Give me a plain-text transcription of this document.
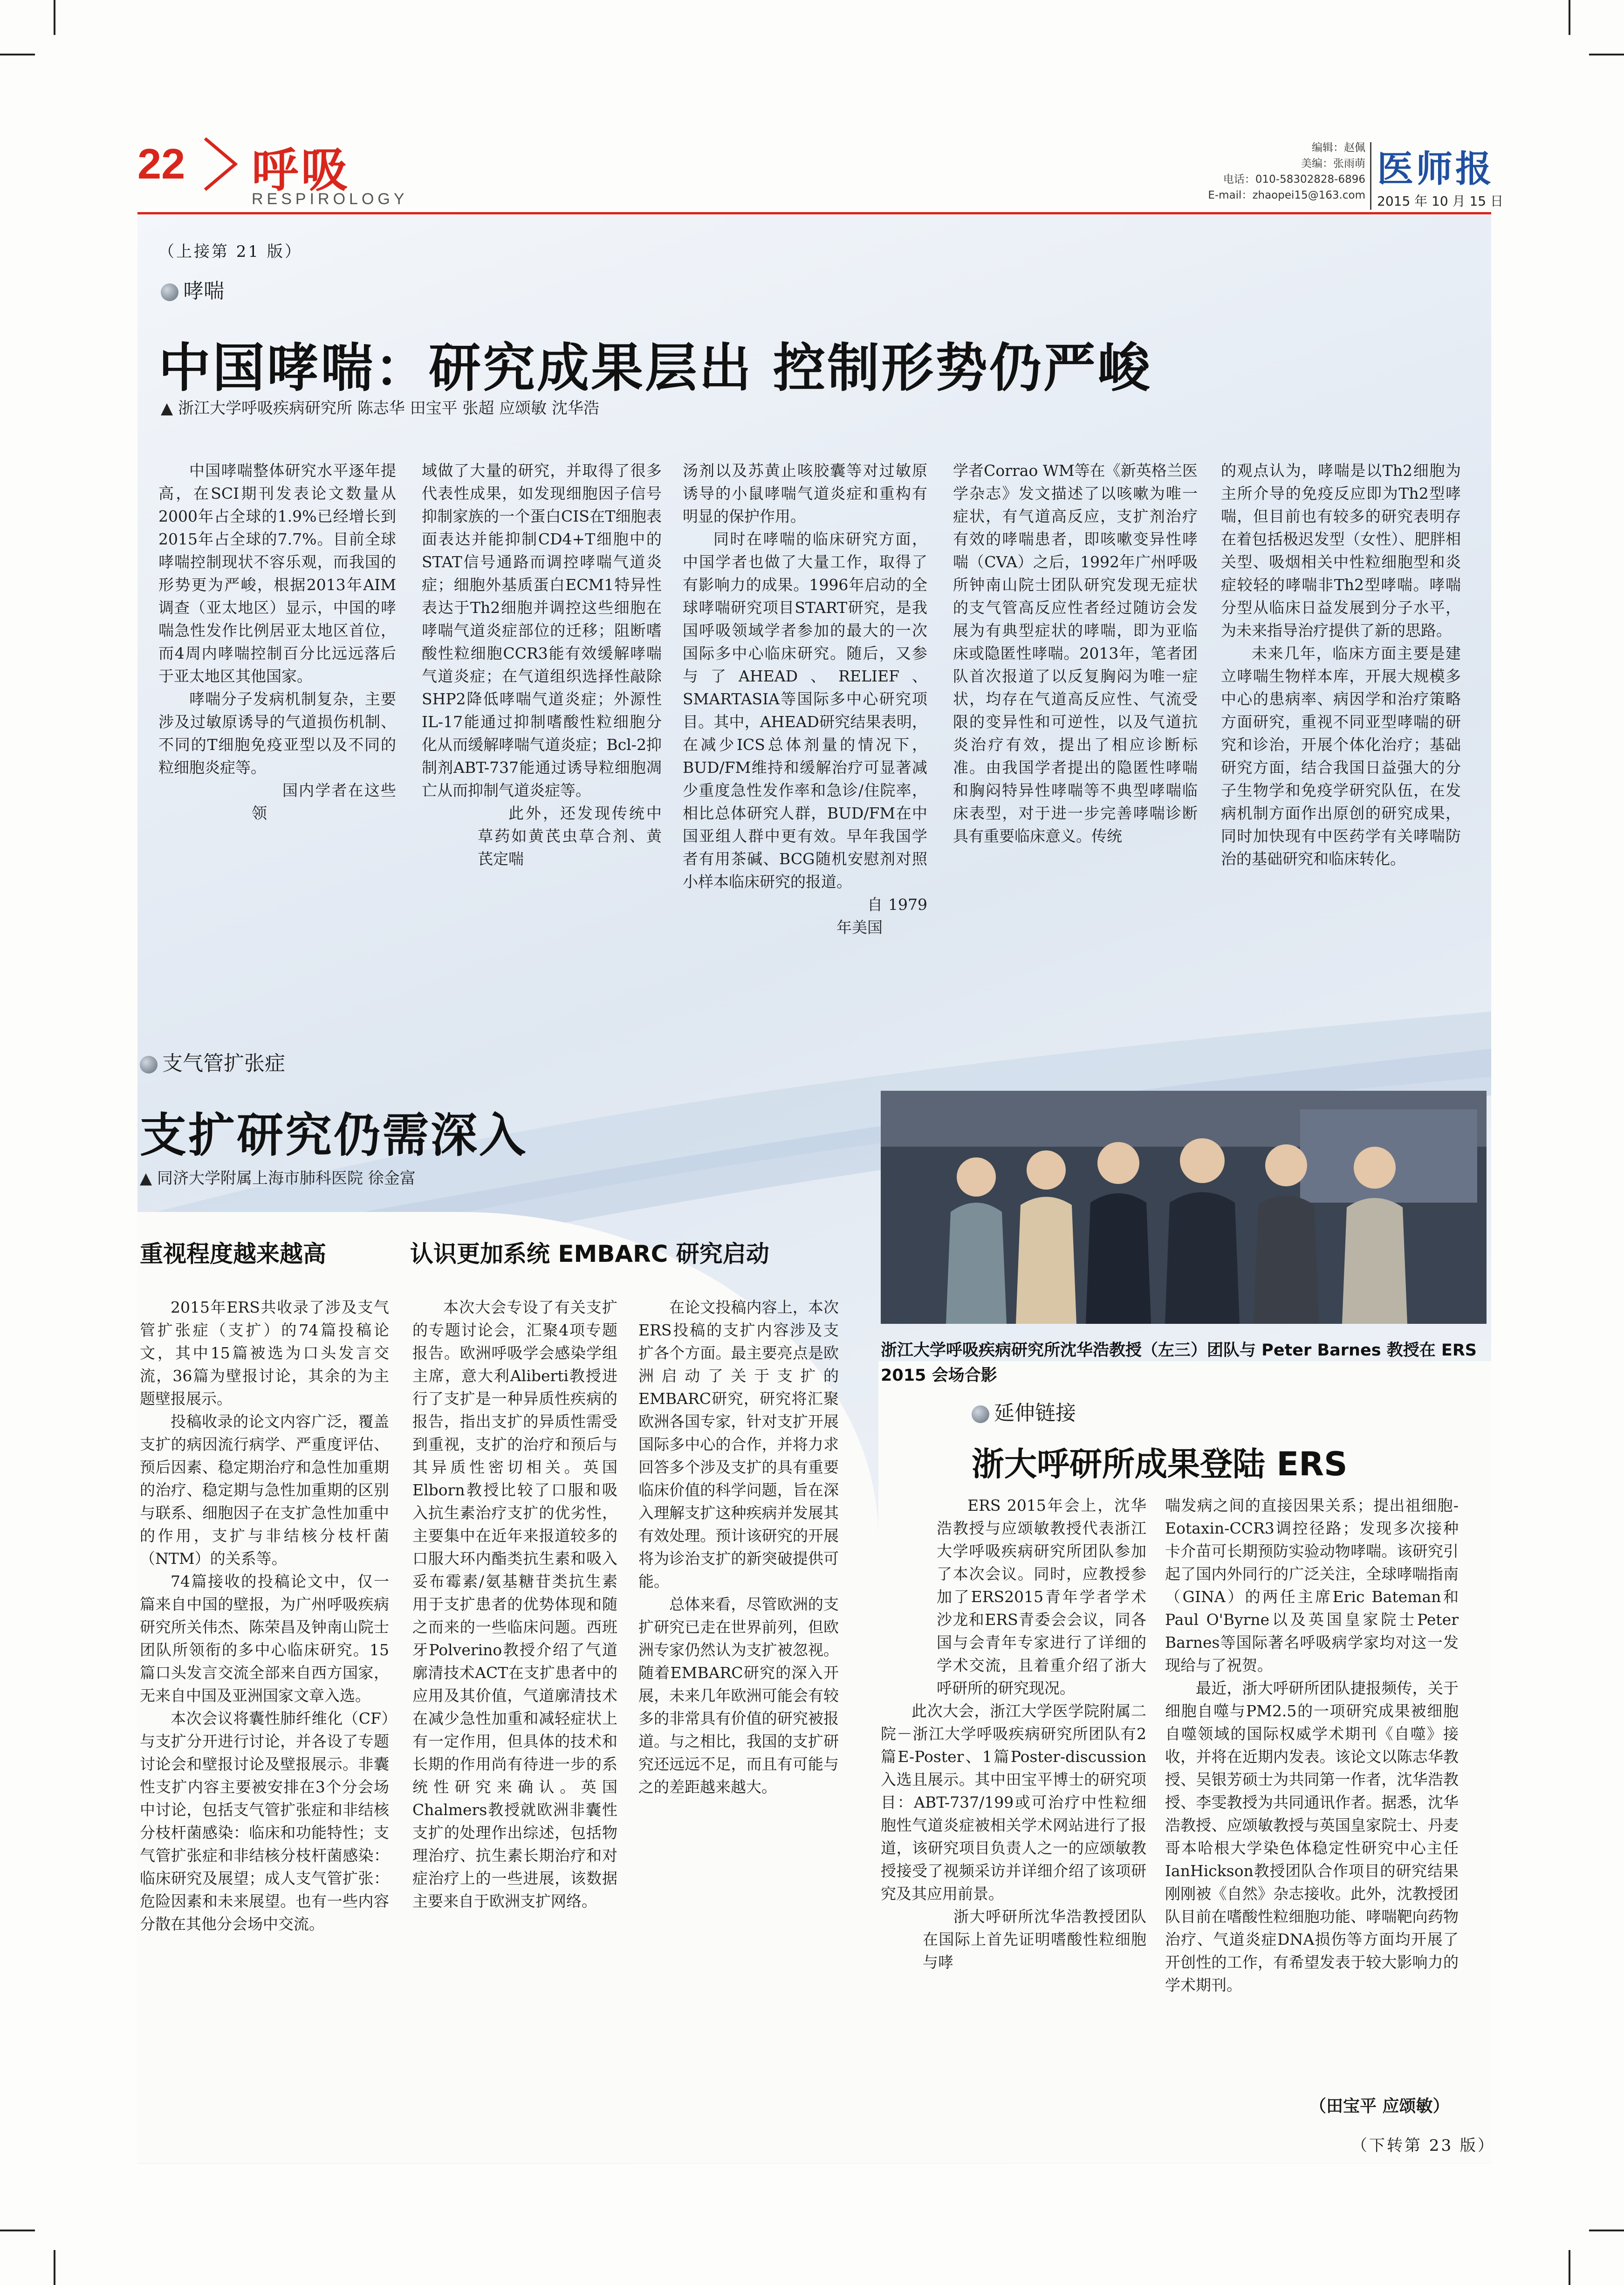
22 呼吸
RESPIROLOGY
编辑：赵佩
美编：张雨萌
电话：010-58302828-6896
E-mail：zhaopei15@163.com
医师报
2015 年 10 月 15 日
（上接第 21 版）
哮喘
中国哮喘：研究成果层出 控制形势仍严峻
▲ 浙江大学呼吸疾病研究所 陈志华 田宝平 张超 应颂敏 沈华浩

中国哮喘整体研究水平逐年提高，在SCI期刊发表论文数量从2000年占全球的1.9%已经增长到2015年占全球的7.7%。目前全球哮喘控制现状不容乐观，而我国的形势更为严峻，根据2013年AIM调查（亚太地区）显示，中国的哮喘急性发作比例居亚太地区首位，而4周内哮喘控制百分比远远落后于亚太地区其他国家。

哮喘分子发病机制复杂，主要涉及过敏原诱导的气道损伤机制、不同的T细胞免疫亚型以及不同的粒细胞炎症等。

国内学者在这些领

域做了大量的研究，并取得了很多代表性成果，如发现细胞因子信号抑制家族的一个蛋白CIS在T细胞表面表达并能抑制CD4+T细胞中的STAT信号通路而调控哮喘气道炎症；细胞外基质蛋白ECM1特异性表达于Th2细胞并调控这些细胞在哮喘气道炎症部位的迁移；阻断嗜酸性粒细胞CCR3能有效缓解哮喘气道炎症；在气道组织选择性敲除SHP2降低哮喘气道炎症；外源性IL-17能通过抑制嗜酸性粒细胞分化从而缓解哮喘气道炎症；Bcl-2抑制剂ABT-737能通过诱导粒细胞凋亡从而抑制气道炎症等。

此外，还发现传统中草药如黄芪虫草合剂、黄芪定喘

汤剂以及苏黄止咳胶囊等对过敏原诱导的小鼠哮喘气道炎症和重构有明显的保护作用。

同时在哮喘的临床研究方面，中国学者也做了大量工作，取得了有影响力的成果。1996年启动的全球哮喘研究项目START研究，是我国呼吸领域学者参加的最大的一次国际多中心临床研究。随后，又参与了AHEAD、RELIEF、SMARTASIA等国际多中心研究项目。其中，AHEAD研究结果表明，在减少ICS总体剂量的情况下，BUD/FM维持和缓解治疗可显著减少重度急性发作率和急诊/住院率，相比总体研究人群，BUD/FM在中国亚组人群中更有效。早年我国学者有用茶碱、BCG随机安慰剂对照小样本临床研究的报道。

自1979年美国

学者Corrao WM等在《新英格兰医学杂志》发文描述了以咳嗽为唯一症状，有气道高反应，支扩剂治疗有效的哮喘患者，即咳嗽变异性哮喘（CVA）之后，1992年广州呼吸所钟南山院士团队研究发现无症状的支气管高反应性者经过随访会发展为有典型症状的哮喘，即为亚临床或隐匿性哮喘。2013年，笔者团队首次报道了以反复胸闷为唯一症状，均存在气道高反应性、气流受限的变异性和可逆性，以及气道抗炎治疗有效，提出了相应诊断标准。由我国学者提出的隐匿性哮喘和胸闷特异性哮喘等不典型哮喘临床表型，对于进一步完善哮喘诊断具有重要临床意义。传统

的观点认为，哮喘是以Th2细胞为主所介导的免疫反应即为Th2型哮喘，但目前也有较多的研究表明存在着包括极迟发型（女性）、肥胖相关型、吸烟相关中性粒细胞型和炎症较轻的哮喘非Th2型哮喘。哮喘分型从临床日益发展到分子水平，为未来指导治疗提供了新的思路。

未来几年，临床方面主要是建立哮喘生物样本库，开展大规模多中心的患病率、病因学和治疗策略方面研究，重视不同亚型哮喘的研究和诊治，开展个体化治疗；基础研究方面，结合我国日益强大的分子生物学和免疫学研究队伍，在发病机制方面作出原创的研究成果，同时加快现有中医药学有关哮喘防治的基础研究和临床转化。

支气管扩张症
支扩研究仍需深入
▲ 同济大学附属上海市肺科医院 徐金富
重视程度越来越高	认识更加系统 EMBARC 研究启动

2015年ERS共收录了涉及支气管扩张症（支扩）的74篇投稿论文，其中15篇被选为口头发言交流，36篇为壁报讨论，其余的为主题壁报展示。

投稿收录的论文内容广泛，覆盖支扩的病因流行病学、严重度评估、预后因素、稳定期治疗和急性加重期的治疗、稳定期与急性加重期的区别与联系、细胞因子在支扩急性加重中的作用，支扩与非结核分枝杆菌（NTM）的关系等。

74篇接收的投稿论文中，仅一篇来自中国的壁报，为广州呼吸疾病研究所关伟杰、陈荣昌及钟南山院士团队所领衔的多中心临床研究。15篇口头发言交流全部来自西方国家，无来自中国及亚洲国家文章入选。

本次会议将囊性肺纤维化（CF）与支扩分开进行讨论，并各设了专题讨论会和壁报讨论及壁报展示。非囊性支扩内容主要被安排在3个分会场中讨论，包括支气管扩张症和非结核分枝杆菌感染：临床和功能特性；支气管扩张症和非结核分枝杆菌感染：临床研究及展望；成人支气管扩张：危险因素和未来展望。也有一些内容分散在其他分会场中交流。

本次大会专设了有关支扩的专题讨论会，汇聚4项专题报告。欧洲呼吸学会感染学组主席，意大利Aliberti教授进行了支扩是一种异质性疾病的报告，指出支扩的异质性需受到重视，支扩的治疗和预后与其异质性密切相关。英国Elborn教授比较了口服和吸入抗生素治疗支扩的优劣性，主要集中在近年来报道较多的口服大环内酯类抗生素和吸入妥布霉素/氨基糖苷类抗生素用于支扩患者的优势体现和随之而来的一些临床问题。西班牙Polverino教授介绍了气道廓清技术ACT在支扩患者中的应用及其价值，气道廓清技术在减少急性加重和减轻症状上有一定作用，但具体的技术和长期的作用尚有待进一步的系统性研究来确认。英国Chalmers教授就欧洲非囊性支扩的处理作出综述，包括物理治疗、抗生素长期治疗和对症治疗上的一些进展，该数据主要来自于欧洲支扩网络。

在论文投稿内容上，本次ERS投稿的支扩内容涉及支扩各个方面。最主要亮点是欧洲启动了关于支扩的EMBARC研究，研究将汇聚欧洲各国专家，针对支扩开展国际多中心的合作，并将力求回答多个涉及支扩的具有重要临床价值的科学问题，旨在深入理解支扩这种疾病并发展其有效处理。预计该研究的开展将为诊治支扩的新突破提供可能。

总体来看，尽管欧洲的支扩研究已走在世界前列，但欧洲专家仍然认为支扩被忽视。随着EMBARC研究的深入开展，未来几年欧洲可能会有较多的非常具有价值的研究被报道。与之相比，我国的支扩研究还远远不足，而且有可能与之的差距越来越大。

浙江大学呼吸疾病研究所沈华浩教授（左三）团队与 Peter Barnes 教授在 ERS 2015 会场合影
延伸链接
浙大呼研所成果登陆 ERS

ERS 2015年会上，沈华浩教授与应颂敏教授代表浙江大学呼吸疾病研究所团队参加了本次会议。同时，应教授参加了ERS2015青年学者学术沙龙和ERS青委会会议，同各国与会青年专家进行了详细的学术交流，且着重介绍了浙大呼研所的研究现况。

此次大会，浙江大学医学院附属二院－浙江大学呼吸疾病研究所团队有2篇E-Poster、1篇Poster-discussion入选且展示。其中田宝平博士的研究项目：ABT-737/199或可治疗中性粒细胞性气道炎症被相关学术网站进行了报道，该研究项目负责人之一的应颂敏教授接受了视频采访并详细介绍了该项研究及其应用前景。

浙大呼研所沈华浩教授团队在国际上首先证明嗜酸性粒细胞与哮

喘发病之间的直接因果关系；提出祖细胞-Eotaxin-CCR3调控径路；发现多次接种卡介苗可长期预防实验动物哮喘。该研究引起了国内外同行的广泛关注，全球哮喘指南（GINA）的两任主席Eric Bateman和Paul O'Byrne以及英国皇家院士Peter Barnes等国际著名呼吸病学家均对这一发现给与了祝贺。

最近，浙大呼研所团队捷报频传，关于细胞自噬与PM2.5的一项研究成果被细胞自噬领域的国际权威学术期刊《自噬》接收，并将在近期内发表。该论文以陈志华教授、吴银芳硕士为共同第一作者，沈华浩教授、李雯教授为共同通讯作者。据悉，沈华浩教授、应颂敏教授与英国皇家院士、丹麦哥本哈根大学染色体稳定性研究中心主任IanHickson教授团队合作项目的研究结果刚刚被《自然》杂志接收。此外，沈教授团队目前在嗜酸性粒细胞功能、哮喘靶向药物治疗、气道炎症DNA损伤等方面均开展了开创性的工作，有希望发表于较大影响力的学术期刊。

（田宝平 应颂敏）
（下转第 23 版）
